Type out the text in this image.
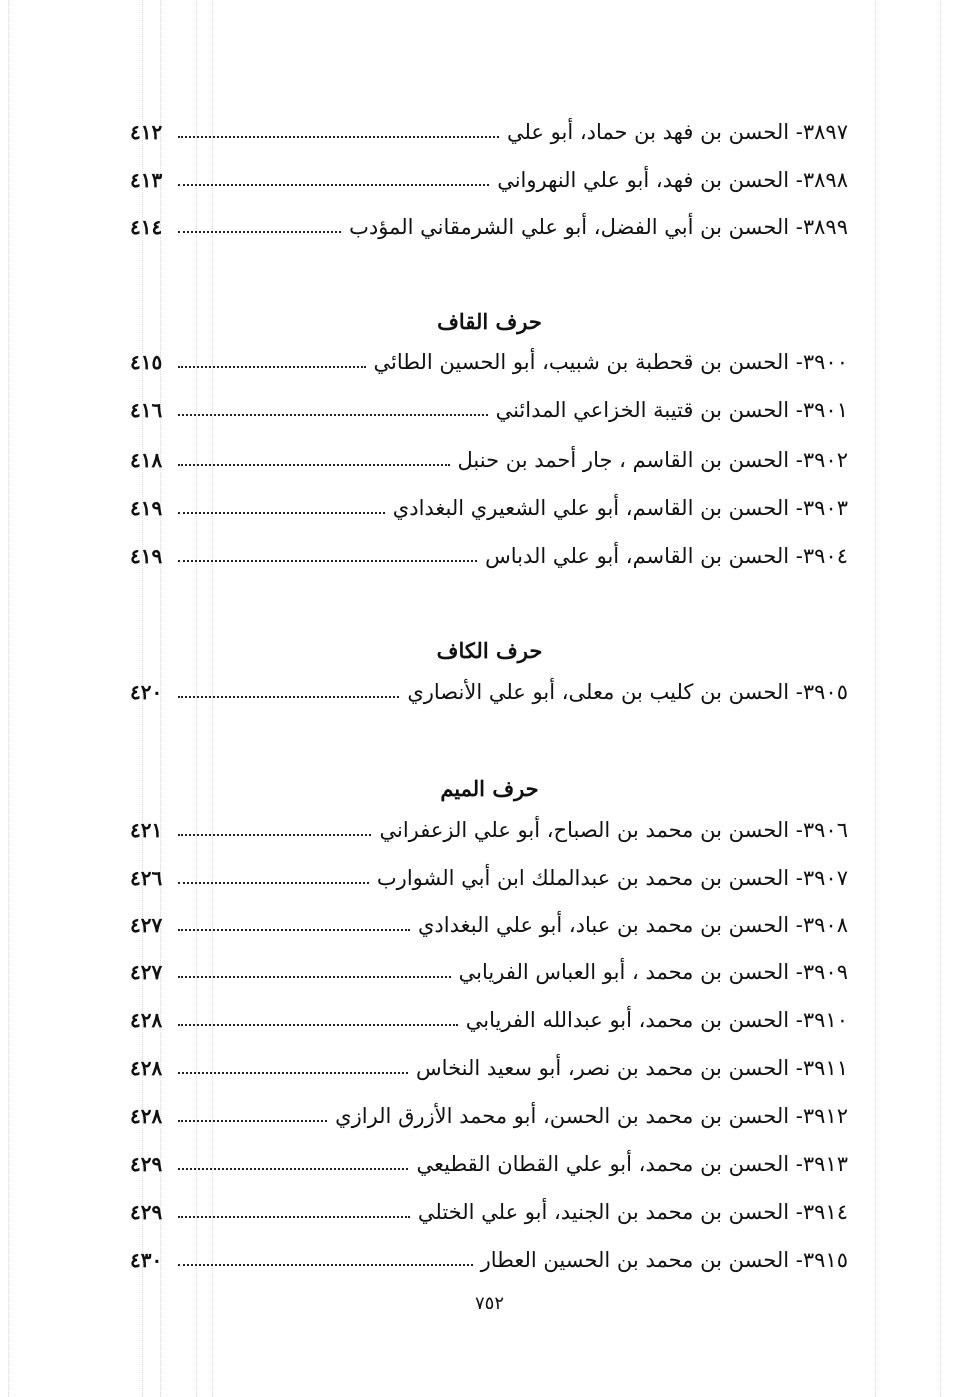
٣٨٩٧- الحسن بن فهد بن حماد، أبو علي
٤١٢
٣٨٩٨- الحسن بن فهد، أبو علي النهرواني
٤١٣
٣٨٩٩- الحسن بن أبي الفضل، أبو علي الشرمقاني المؤدب
٤١٤
حرف القاف
٣٩٠٠- الحسن بن قحطبة بن شبيب، أبو الحسين الطائي
٤١٥
٣٩٠١- الحسن بن قتيبة الخزاعي المدائني
٤١٦
٣٩٠٢- الحسن بن القاسم ، جار أحمد بن حنبل
٤١٨
٣٩٠٣- الحسن بن القاسم، أبو علي الشعيري البغدادي
٤١٩
٣٩٠٤- الحسن بن القاسم، أبو علي الدباس
٤١٩
حرف الكاف
٣٩٠٥- الحسن بن كليب بن معلى، أبو علي الأنصاري
٤٢٠
حرف الميم
٣٩٠٦- الحسن بن محمد بن الصباح، أبو علي الزعفراني
٤٢١
٣٩٠٧- الحسن بن محمد بن عبدالملك ابن أبي الشوارب
٤٢٦
٣٩٠٨- الحسن بن محمد بن عباد، أبو علي البغدادي
٤٢٧
٣٩٠٩- الحسن بن محمد ، أبو العباس الفريابي
٤٢٧
٣٩١٠- الحسن بن محمد، أبو عبدالله الفريابي
٤٢٨
٣٩١١- الحسن بن محمد بن نصر، أبو سعيد النخاس
٤٢٨
٣٩١٢- الحسن بن محمد بن الحسن، أبو محمد الأزرق الرازي
٤٢٨
٣٩١٣- الحسن بن محمد، أبو علي القطان القطيعي
٤٢٩
٣٩١٤- الحسن بن محمد بن الجنيد، أبو علي الختلي
٤٢٩
٣٩١٥- الحسن بن محمد بن الحسين العطار
٤٣٠
٧٥٢
